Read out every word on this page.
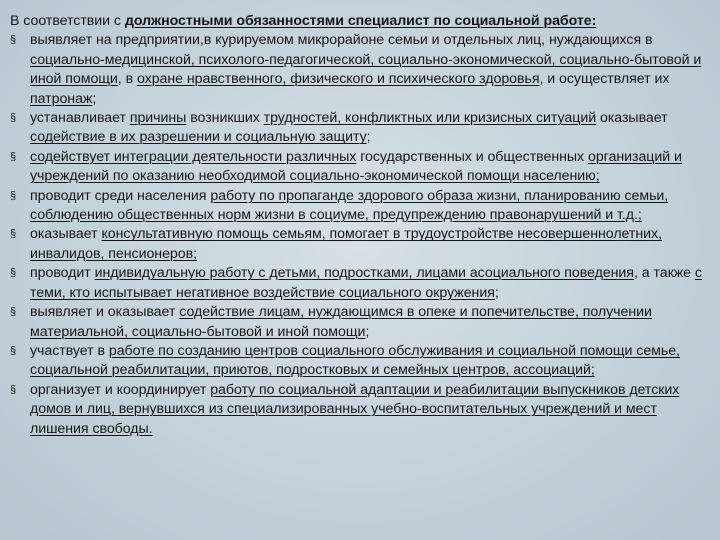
В соответствии с должностными обязанностями специалист по социальной работе:

§ выявляет на предприятии,в курируемом микрорайоне семьи и отдельных лиц, нуждающихся в социально-медицинской, психолого-педагогической, социально-экономической, социально-бытовой и иной помощи, в охране нравственного, физического и психического здоровья, и осуществляет их патронаж;
§ устанавливает причины возникших трудностей, конфликтных или кризисных ситуаций оказывает содействие в их разрешении и социальную защиту;
§ содействует интеграции деятельности различных государственных и общественных организаций и учреждений по оказанию необходимой социально-экономической помощи населению;
§ проводит среди населения работу по пропаганде здорового образа жизни, планированию семьи, соблюдению общественных норм жизни в социуме, предупреждению правонарушений и т.д.;
§ оказывает консультативную помощь семьям, помогает в трудоустройстве несовершеннолетних, инвалидов, пенсионеров;
§ проводит индивидуальную работу с детьми, подростками, лицами асоциального поведения, а также с теми, кто испытывает негативное воздействие социального окружения;
§ выявляет и оказывает содействие лицам, нуждающимся в опеке и попечительстве, получении материальной, социально-бытовой и иной помощи;
§ участвует в работе по созданию центров социального обслуживания и социальной помощи семье, социальной реабилитации, приютов, подростковых и семейных центров, ассоциаций;
§ организует и координирует работу по социальной адаптации и реабилитации выпускников детских домов и лиц, вернувшихся из специализированных учебно-воспитательных учреждений и мест лишения свободы.
